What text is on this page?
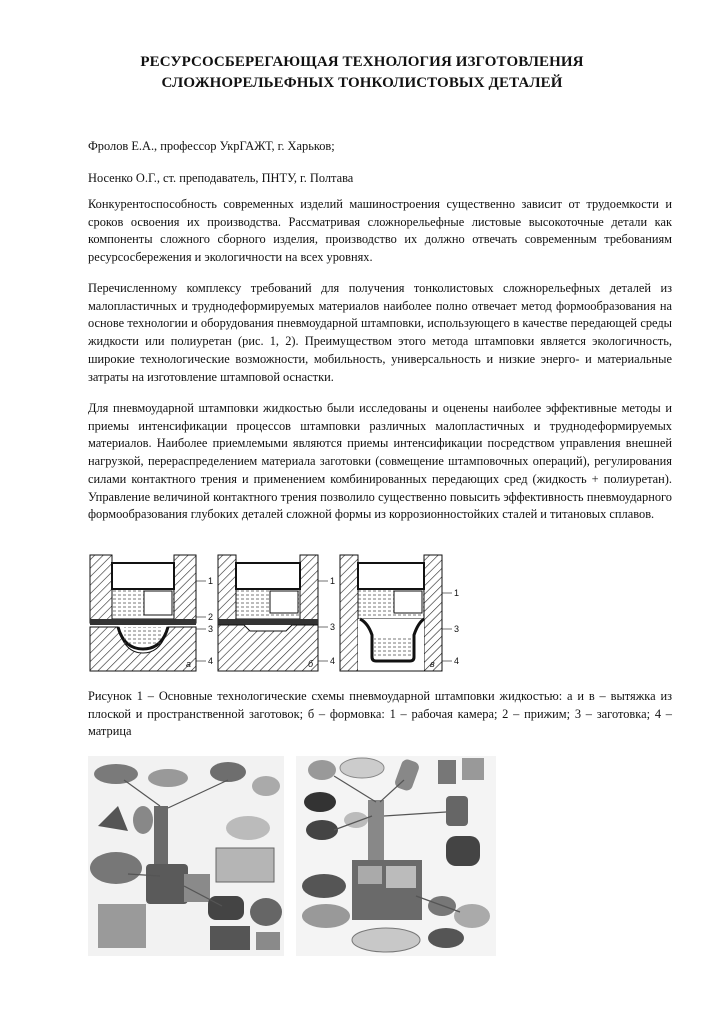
РЕСУРСОСБЕРЕГАЮЩАЯ ТЕХНОЛОГИЯ ИЗГОТОВЛЕНИЯ
СЛОЖНОРЕЛЬЕФНЫХ ТОНКОЛИСТОВЫХ ДЕТАЛЕЙ
Фролов Е.А., профессор УкрГАЖТ, г. Харьков;
Носенко О.Г., ст. преподаватель, ПНТУ, г. Полтава

Конкурентоспособность современных изделий машиностроения существенно зависит от трудоемкости и сроков освоения их производства. Рассматривая сложнорельефные листовые высокоточные детали как компоненты сложного сборного изделия, производство их должно отвечать современным требованиям ресурсосбережения и экологичности на всех уровнях.

Перечисленному комплексу требований для получения тонколистовых сложнорельефных деталей из малопластичных и труднодеформируемых материалов наиболее полно отвечает метод формообразования на основе технологии и оборудования пневмоударной штамповки, использующего в качестве передающей среды жидкости или полиуретан (рис. 1, 2). Преимуществом этого метода штамповки является экологичность, широкие технологические возможности, мобильность, универсальность и низкие энерго- и материальные затраты на изготовление штамповой оснастки.

Для пневмоударной штамповки жидкостью были исследованы и оценены наиболее эффективные методы и приемы интенсификации процессов штамповки различных малопластичных и труднодеформируемых материалов. Наиболее приемлемыми являются приемы интенсификации посредством управления внешней нагрузкой, перераспределением материала заготовки (совмещение штамповочных операций), регулирования силами контактного трения и применением комбинированных передающих сред (жидкость + полиуретан). Управление величиной контактного трения позволило существенно повысить эффективность пневмоударного формообразования глубоких деталей сложной формы из коррозионностойких сталей и титановых сплавов.

1
2
3
4
а
1
3
4
б
1
3
4
в

Рисунок 1 – Основные технологические схемы пневмоударной штамповки жидкостью: а и в – вытяжка из плоской и пространственной заготовок; б – формовка: 1 – рабочая камера; 2 – прижим; 3 – заготовка; 4 – матрица
